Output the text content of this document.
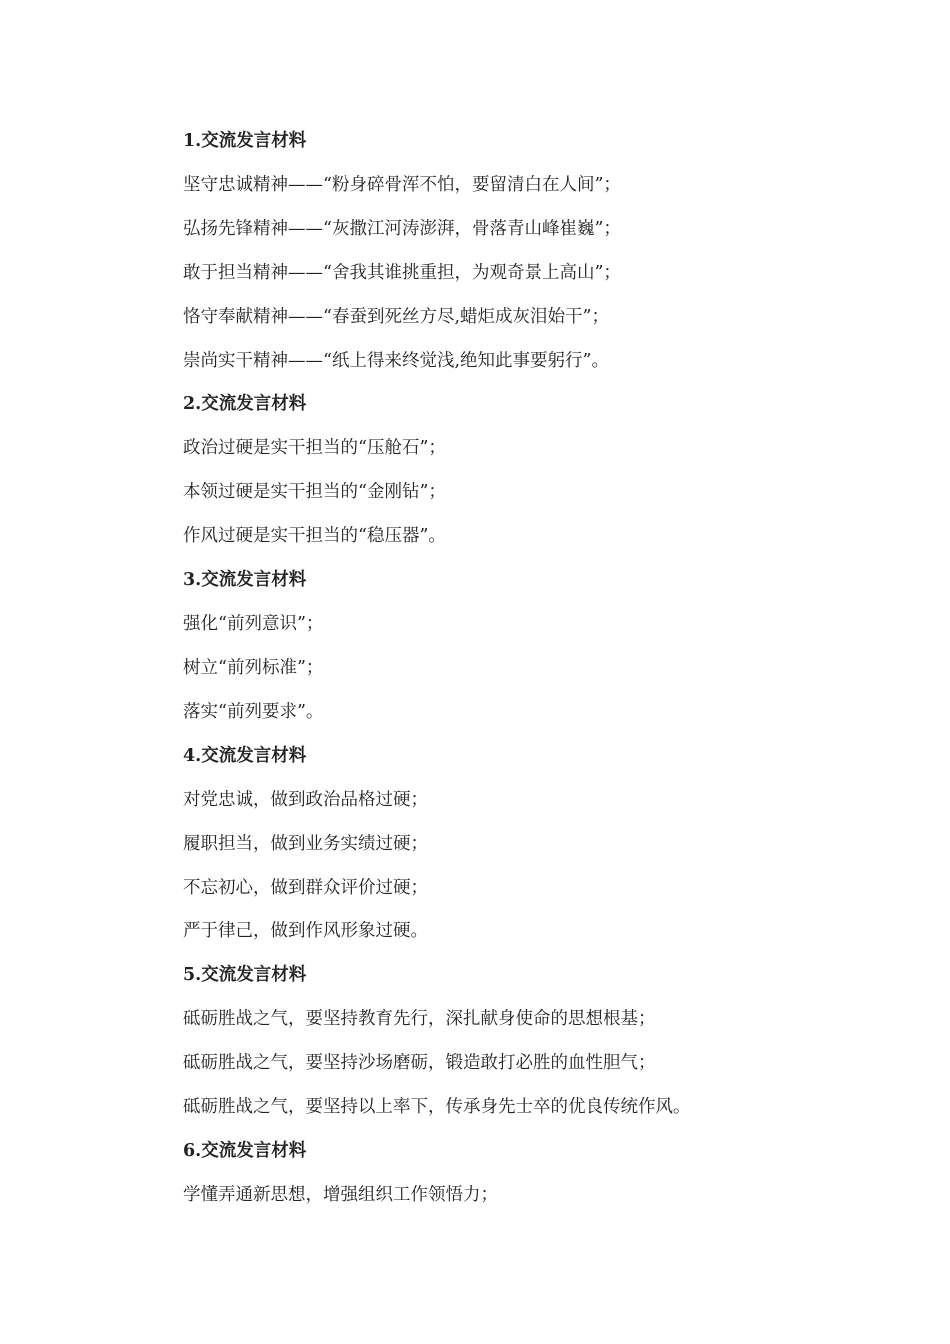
1.交流发言材料
坚守忠诚精神——“粉身碎骨浑不怕，要留清白在人间”；
弘扬先锋精神——“灰撒江河涛澎湃，骨落青山峰崔巍”；
敢于担当精神——“舍我其谁挑重担，为观奇景上高山”；
恪守奉献精神——“春蚕到死丝方尽,蜡炬成灰泪始干”；
崇尚实干精神——“纸上得来终觉浅,绝知此事要躬行”。
2.交流发言材料
政治过硬是实干担当的“压舱石”；
本领过硬是实干担当的“金刚钻”；
作风过硬是实干担当的“稳压器”。
3.交流发言材料
强化“前列意识”；
树立“前列标准”；
落实“前列要求”。
4.交流发言材料
对党忠诚，做到政治品格过硬；
履职担当，做到业务实绩过硬；
不忘初心，做到群众评价过硬；
严于律己，做到作风形象过硬。
5.交流发言材料
砥砺胜战之气，要坚持教育先行，深扎献身使命的思想根基；
砥砺胜战之气，要坚持沙场磨砺，锻造敢打必胜的血性胆气；
砥砺胜战之气，要坚持以上率下，传承身先士卒的优良传统作风。
6.交流发言材料
学懂弄通新思想，增强组织工作领悟力；
